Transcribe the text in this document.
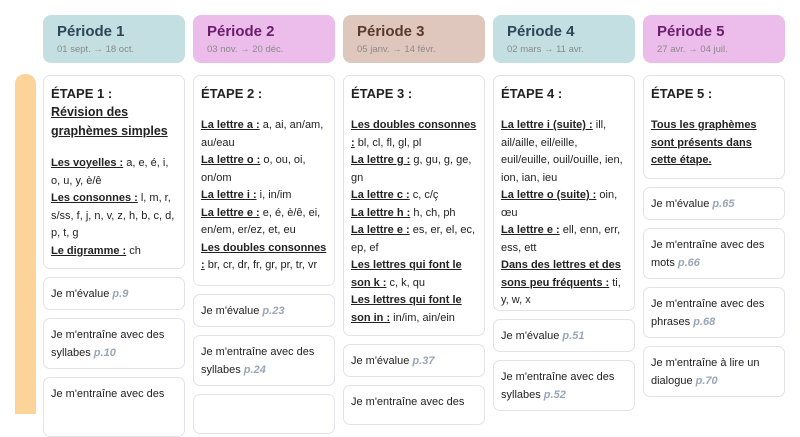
Période 1
01 sept. → 18 oct.
ÉTAPE 1 :
Révision des graphèmes simples
Les voyelles : a, e, é, i, o, u, y, è/ê
Les consonnes : l, m, r, s/ss, f, j, n, v, z, h, b, c, d, p, t, g
Le digramme : ch
Je m'évalue p.9
Je m'entraîne avec des syllabes p.10
Je m'entraîne avec des
Période 2
03 nov. → 20 déc.
ÉTAPE 2 :
La lettre a : a, ai, an/am, au/eau
La lettre o : o, ou, oi, on/om
La lettre i : i, in/im
La lettre e : e, é, è/ê, ei, en/em, er/ez, et, eu
Les doubles consonnes : br, cr, dr, fr, gr, pr, tr, vr
Je m'évalue p.23
Je m'entraîne avec des syllabes p.24
Période 3
05 janv. → 14 févr.
ÉTAPE 3 :
Les doubles consonnes : bl, cl, fl, gl, pl
La lettre g : g, gu, g, ge, gn
La lettre c : c, c/ç
La lettre h : h, ch, ph
La lettre e : es, er, el, ec, ep, ef
Les lettres qui font le son k : c, k, qu
Les lettres qui font le son in : in/im, ain/ein
Je m'évalue p.37
Je m'entraîne avec des
Période 4
02 mars → 11 avr.
ÉTAPE 4 :
La lettre i (suite) : ill, ail/aille, eil/eille, euil/euille, ouil/ouille, ien, ion, ian, ieu
La lettre o (suite) : oin, œu
La lettre e : ell, enn, err, ess, ett
Dans des lettres et des sons peu fréquents : ti, y, w, x
Je m'évalue p.51
Je m'entraîne avec des syllabes p.52
Période 5
27 avr. → 04 juil.
ÉTAPE 5 :
Tous les graphèmes sont présents dans cette étape.
Je m'évalue p.65
Je m'entraîne avec des mots p.66
Je m'entraîne avec des phrases p.68
Je m'entraîne à lire un dialogue p.70
